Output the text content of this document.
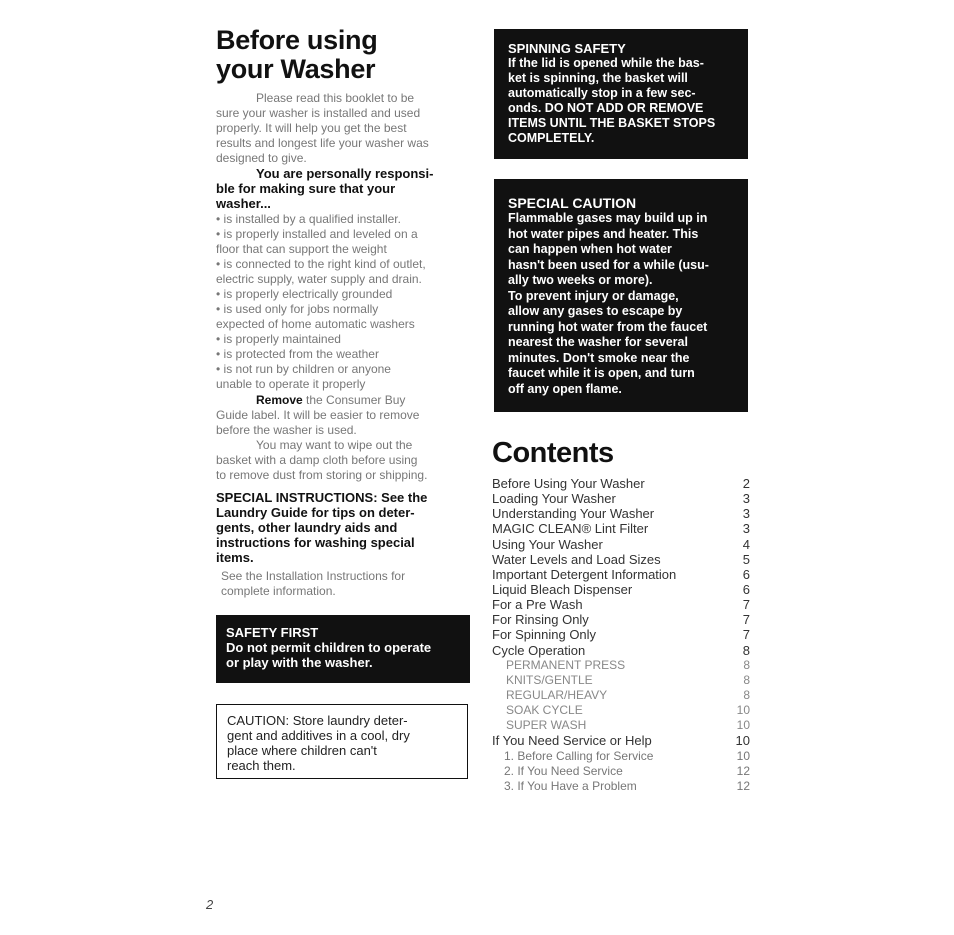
Before using
your Washer

Please read this booklet to be

sure your washer is installed and used

properly. It will help you get the best

results and longest life your washer was

designed to give.

You are personally responsi-

ble for making sure that your

washer...

• is installed by a qualified installer.

• is properly installed and leveled on a

floor that can support the weight

• is connected to the right kind of outlet,

electric supply, water supply and drain.

• is properly electrically grounded

• is used only for jobs normally

expected of home automatic washers

• is properly maintained

• is protected from the weather

• is not run by children or anyone

unable to operate it properly

Remove the Consumer Buy

Guide label. It will be easier to remove

before the washer is used.

You may want to wipe out the

basket with a damp cloth before using

to remove dust from storing or shipping.

SPECIAL INSTRUCTIONS: See the

Laundry Guide for tips on deter-

gents, other laundry aids and

instructions for washing special

items.

See the Installation Instructions for

complete information.

SAFETY FIRST

Do not permit children to operate

or play with the washer.

CAUTION: Store laundry deter-
gent and additives in a cool, dry
place where children can't
reach them.

SPINNING SAFETY

If the lid is opened while the bas-

ket is spinning, the basket will

automatically stop in a few sec-

onds. DO NOT ADD OR REMOVE

ITEMS UNTIL THE BASKET STOPS

COMPLETELY.

SPECIAL CAUTION

Flammable gases may build up in

hot water pipes and heater. This

can happen when hot water

hasn't been used for a while (usu-

ally two weeks or more).

To prevent injury or damage,

allow any gases to escape by

running hot water from the faucet

nearest the washer for several

minutes. Don't smoke near the

faucet while it is open, and turn

off any open flame.

Contents
Before Using Your Washer	2
Loading Your Washer	3
Understanding Your Washer	3
MAGIC CLEAN® Lint Filter	3
Using Your Washer	4
Water Levels and Load Sizes	5
Important Detergent Information	6
Liquid Bleach Dispenser	6
For a Pre Wash	7
For Rinsing Only	7
For Spinning Only	7
Cycle Operation	8
PERMANENT PRESS	8
KNITS/GENTLE	8
REGULAR/HEAVY	8
SOAK CYCLE	10
SUPER WASH	10
If You Need Service or Help	10
1. Before Calling for Service	10
2. If You Need Service	12
3. If You Have a Problem	12
2
